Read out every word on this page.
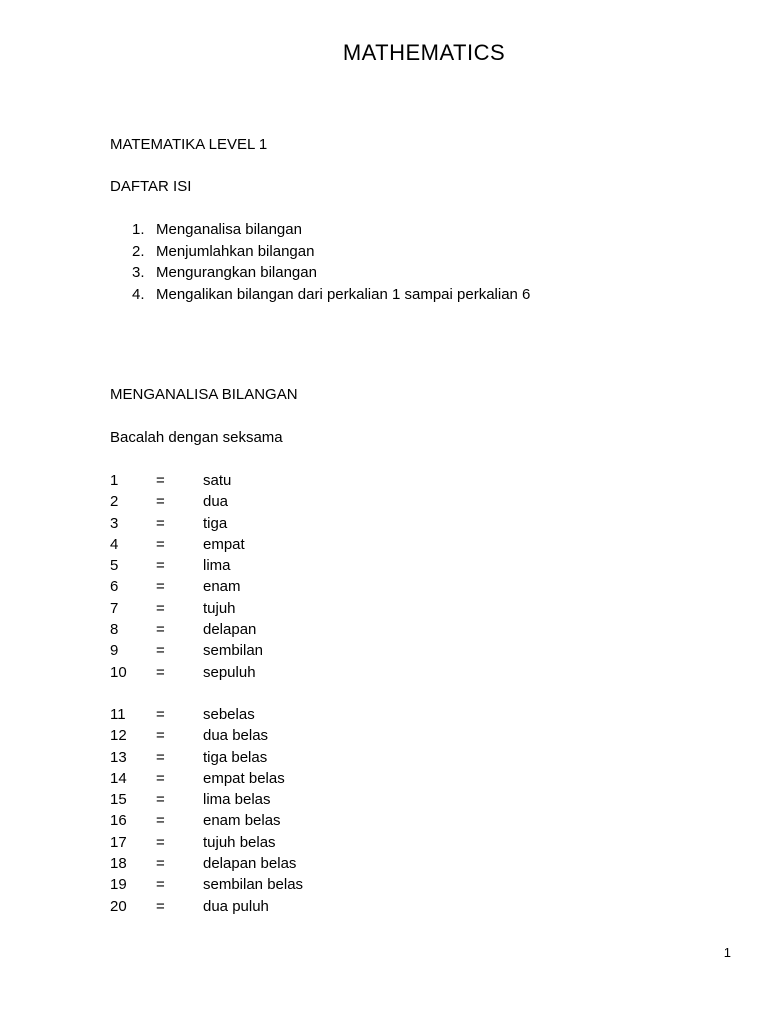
MATHEMATICS
MATEMATIKA LEVEL 1
DAFTAR ISI
1. Menganalisa bilangan
2. Menjumlahkan bilangan
3. Mengurangkan bilangan
4. Mengalikan bilangan dari perkalian 1 sampai perkalian 6
MENGANALISA BILANGAN
Bacalah dengan seksama
1	=	satu
2	=	dua
3	=	tiga
4	=	empat
5	=	lima
6	=	enam
7	=	tujuh
8	=	delapan
9	=	sembilan
10 =	sepuluh
11 =	sebelas
12 =	dua belas
13 =	tiga belas
14 =	empat belas
15 =	lima belas
16 =	enam belas
17 =	tujuh belas
18 =	delapan belas
19 =	sembilan belas
20 =	dua puluh
1
